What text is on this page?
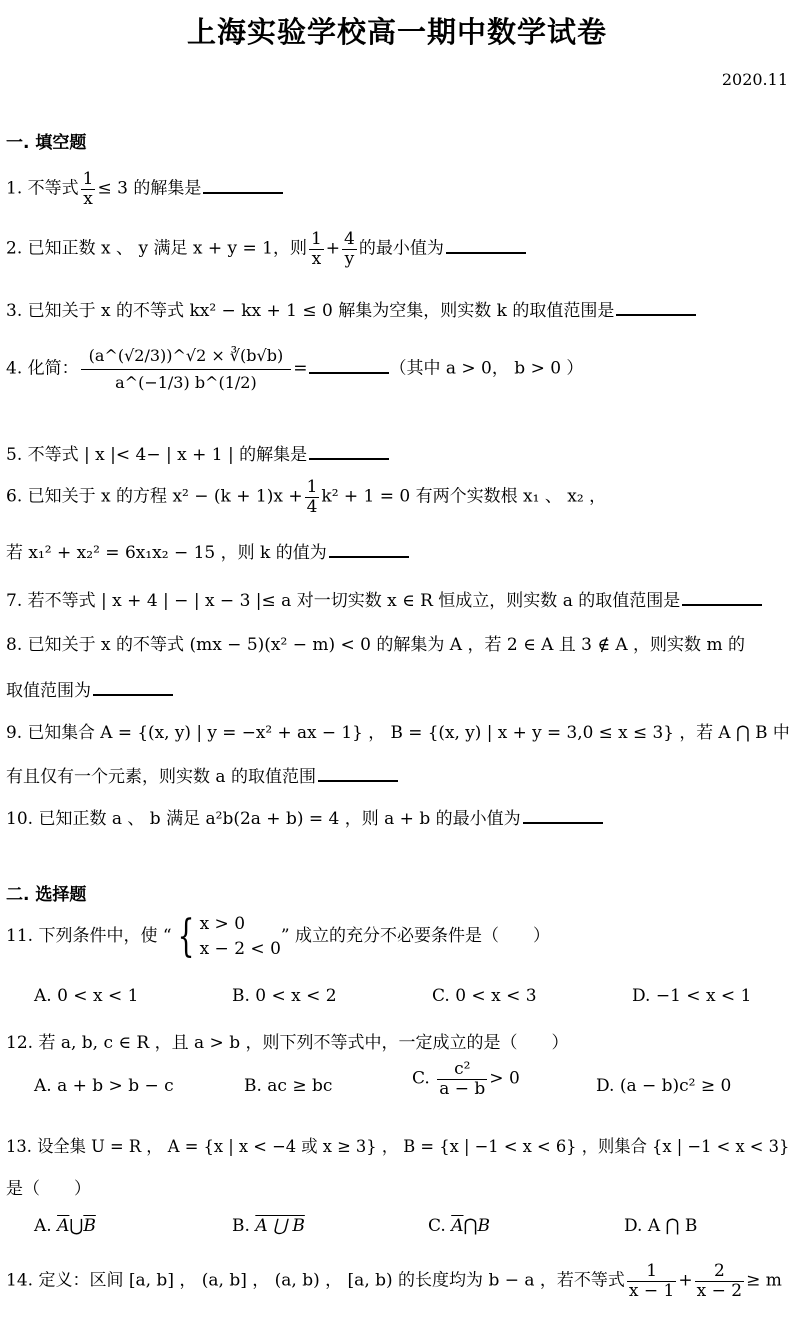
上海实验学校高一期中数学试卷
2020.11
一. 填空题
1. 不等式 $\frac{1}{x} \le 3$ 的解集是
2. 已知正数 x 、 y 满足 x + y = 1，则 $\frac{1}{x} + \frac{4}{y}$ 的最小值为
3. 已知关于 x 的不等式 kx² − kx + 1 ≤ 0 解集为空集，则实数 k 的取值范围是
4. 化简： $\frac{(a\^{}(√2/3))\^{}√2 \times ∛(b√b)}{a\^{}(-1/3) b\^{}(1/2)}$ =	（其中 a > 0， b > 0 ）
5. 不等式 | x |< 4− | x + 1 | 的解集是
6. 已知关于 x 的方程 $x^2 - (k + 1)x + \frac{1}{4} k^2 + 1 = 0$ 有两个实数根 x₁ 、 x₂ ，
若 x₁² + x₂² = 6x₁x₂ − 15 ，则 k 的值为
7. 若不等式 | x + 4 | − | x − 3 |≤ a 对一切实数 x ∈ R 恒成立，则实数 a 的取值范围是
8. 已知关于 x 的不等式 (mx − 5)(x² − m) < 0 的解集为 A ，若 2 ∈ A 且 3 ∉ A ，则实数 m 的
取值范围为
9. 已知集合 A = {(x, y) | y = −x² + ax − 1} ， B = {(x, y) | x + y = 3,0 ≤ x ≤ 3} ，若 A ⋂ B 中
有且仅有一个元素，则实数 a 的取值范围
10. 已知正数 a 、 b 满足 a²b(2a + b) = 4 ，则 a + b 的最小值为
二. 选择题
11. 下列条件中，使 “ { x > 0
x − 2 < 0
” 成立的充分不必要条件是（　　）
A. 0 < x < 1	B. 0 < x < 2	C. 0 < x < 3	D. −1 < x < 1
12. 若 a, b, c ∈ R ，且 a > b ，则下列不等式中，一定成立的是（　　）
A. a + b > b − c	B. ac ≥ bc	C. $\frac{\text{c²}}{a - b} > 0$	D. (a − b)c² ≥ 0
13. 设全集 U = R ， A = {x | x < −4 或 x ≥ 3} ， B = {x | −1 < x < 6} ，则集合 {x | −1 < x < 3}
是（　　）
A. $\overline{A}⋃\overline{B}$	B. A ⋃ B	C. $\overline{A}⋂B$	D. A ⋂ B
14. 定义：区间 [a, b] ， (a, b] ， (a, b) ， [a, b) 的长度均为 b − a ，若不等式 $\frac{1}{x - 1} + \frac{2}{x - 2} \ge m$
